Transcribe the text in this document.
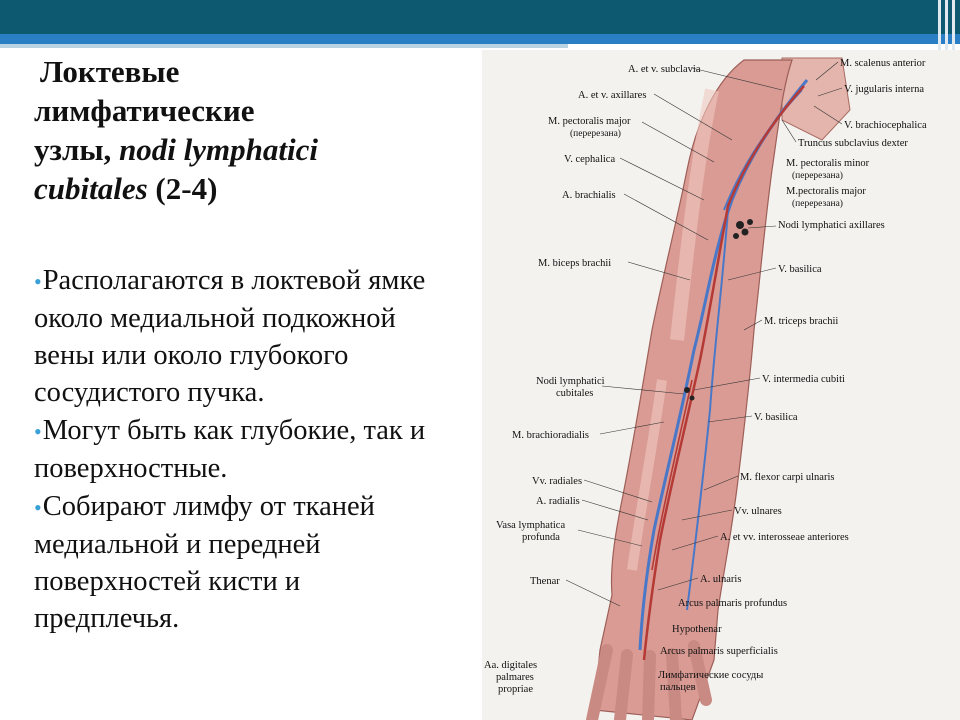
Локтевые
лимфатические
узлы, nodi lymphatici
cubitales (2-4)
•Располагаются в локтевой ямке около медиальной подкожной вены или около глубокого сосудистого пучка.
•Могут быть как глубокие, так и поверхностные.
•Собирают лимфу от тканей медиальной и передней поверхностей кисти и предплечья.
A. et v. subclavia
A. et v. axillares
M. pectoralis major
(перерезана)
V. cephalica
A. brachialis
M. biceps brachii
Nodi lymphatici
cubitales
M. brachioradialis
Vv. radiales
A. radialis
Vasa lymphatica
profunda
Thenar
Aa. digitales
palmares
propriae
M. scalenus anterior
V. jugularis interna
V. brachiocephalica
Truncus subclavius dexter
M. pectoralis minor
(перерезана)
M.pectoralis major
(перерезана)
Nodi lymphatici axillares
V. basilica
M. triceps brachii
V. intermedia cubiti
V. basilica
M. flexor carpi ulnaris
Vv. ulnares
A. et vv. interosseae anteriores
A. ulnaris
Arcus palmaris profundus
Hypothenar
Arcus palmaris superficialis
Лимфатические сосуды
пальцев
